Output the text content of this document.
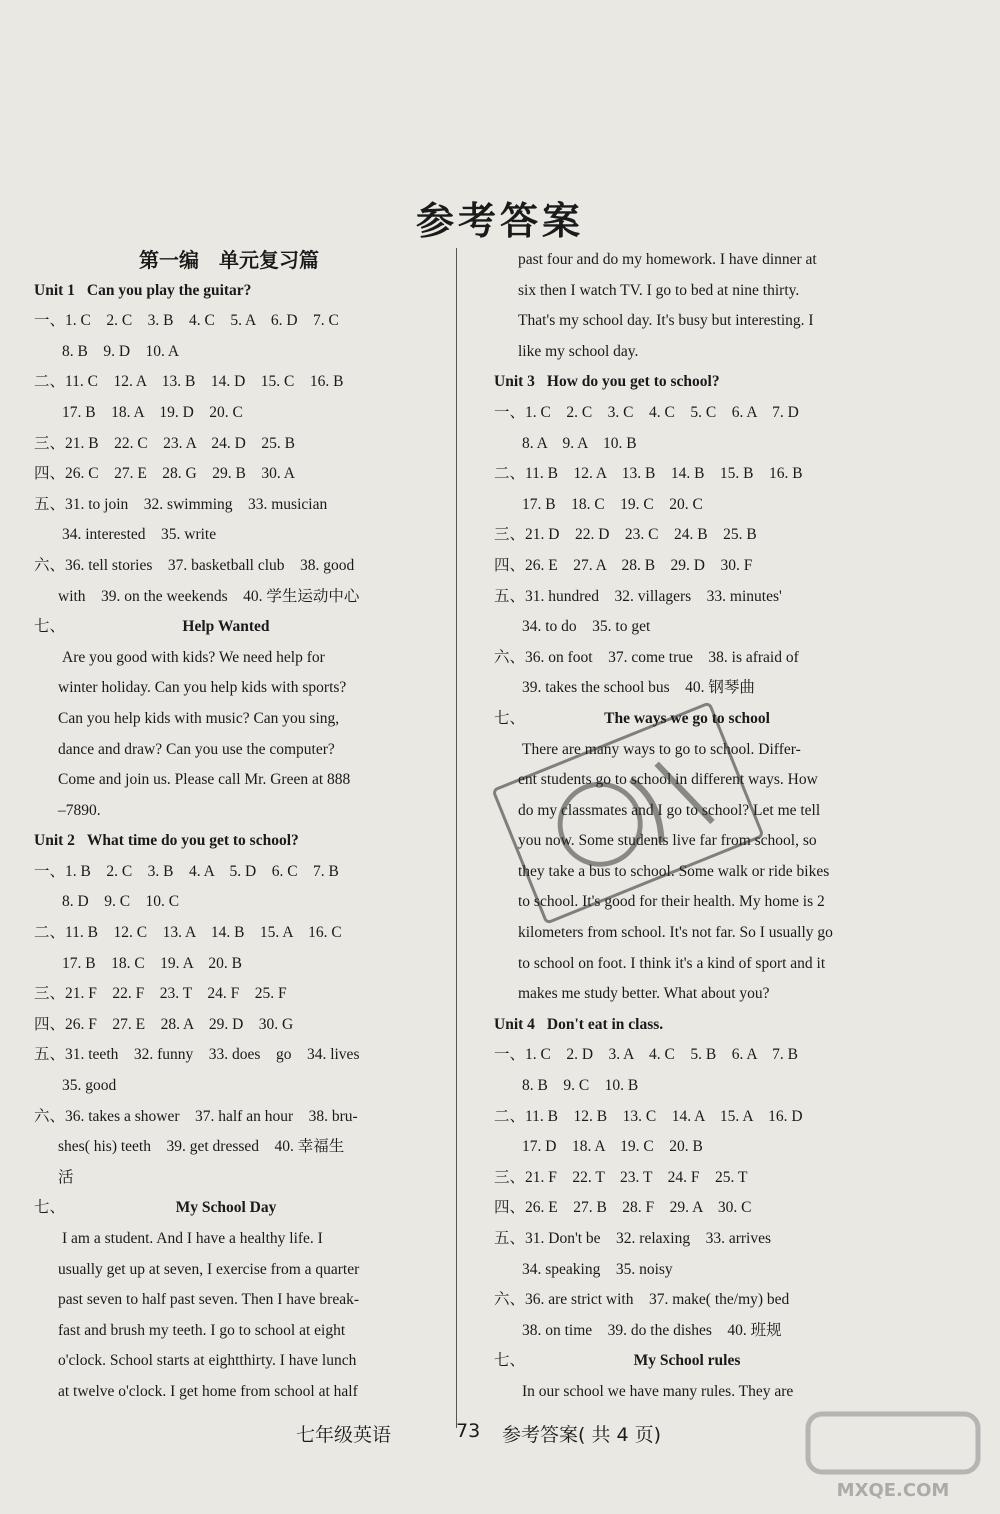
参考答案
第一编　单元复习篇
Unit 1 Can you play the guitar?
一、1. C　2. C　3. B　4. C　5. A　6. D　7. C
8. B　9. D　10. A
二、11. C　12. A　13. B　14. D　15. C　16. B
17. B　18. A　19. D　20. C
三、21. B　22. C　23. A　24. D　25. B
四、26. C　27. E　28. G　29. B　30. A
五、31. to join　32. swimming　33. musician
34. interested　35. write
六、36. tell stories　37. basketball club　38. good
with　39. on the weekends　40. 学生运动中心
七、	Help Wanted
Are you good with kids? We need help for
winter holiday. Can you help kids with sports?
Can you help kids with music? Can you sing,
dance and draw? Can you use the computer?
Come and join us. Please call Mr. Green at 888
–7890.
Unit 2 What time do you get to school?
一、1. B　2. C　3. B　4. A　5. D　6. C　7. B
8. D　9. C　10. C
二、11. B　12. C　13. A　14. B　15. A　16. C
17. B　18. C　19. A　20. B
三、21. F　22. F　23. T　24. F　25. F
四、26. F　27. E　28. A　29. D　30. G
五、31. teeth　32. funny　33. does　go　34. lives
35. good
六、36. takes a shower　37. half an hour　38. bru-
shes( his) teeth　39. get dressed　40. 幸福生
活
七、	My School Day
I am a student. And I have a healthy life. I
usually get up at seven, I exercise from a quarter
past seven to half past seven. Then I have break-
fast and brush my teeth. I go to school at eight
o'clock. School starts at eightthirty. I have lunch
at twelve o'clock. I get home from school at half
past four and do my homework. I have dinner at
six then I watch TV. I go to bed at nine thirty.
That's my school day. It's busy but interesting. I
like my school day.
Unit 3 How do you get to school?
一、1. C　2. C　3. C　4. C　5. C　6. A　7. D
8. A　9. A　10. B
二、11. B　12. A　13. B　14. B　15. B　16. B
17. B　18. C　19. C　20. C
三、21. D　22. D　23. C　24. B　25. B
四、26. E　27. A　28. B　29. D　30. F
五、31. hundred　32. villagers　33. minutes'
34. to do　35. to get
六、36. on foot　37. come true　38. is afraid of
39. takes the school bus　40. 钢琴曲
七、	The ways we go to school
There are many ways to go to school. Differ-
ent students go to school in different ways. How
do my classmates and I go to school? Let me tell
you now. Some students live far from school, so
they take a bus to school. Some walk or ride bikes
to school. It's good for their health. My home is 2
kilometers from school. It's not far. So I usually go
to school on foot. I think it's a kind of sport and it
makes me study better. What about you?
Unit 4 Don't eat in class.
一、1. C　2. D　3. A　4. C　5. B　6. A　7. B
8. B　9. C　10. B
二、11. B　12. B　13. C　14. A　15. A　16. D
17. D　18. A　19. C　20. B
三、21. F　22. T　23. T　24. F　25. T
四、26. E　27. B　28. F　29. A　30. C
五、31. Don't be　32. relaxing　33. arrives
34. speaking　35. noisy
六、36. are strict with　37. make( the/my) bed
38. on time　39. do the dishes　40. 班规
七、	My School rules
In our school we have many rules. They are
七年级英语	73 参考答案( 共 4 页)
MXQE.COM
